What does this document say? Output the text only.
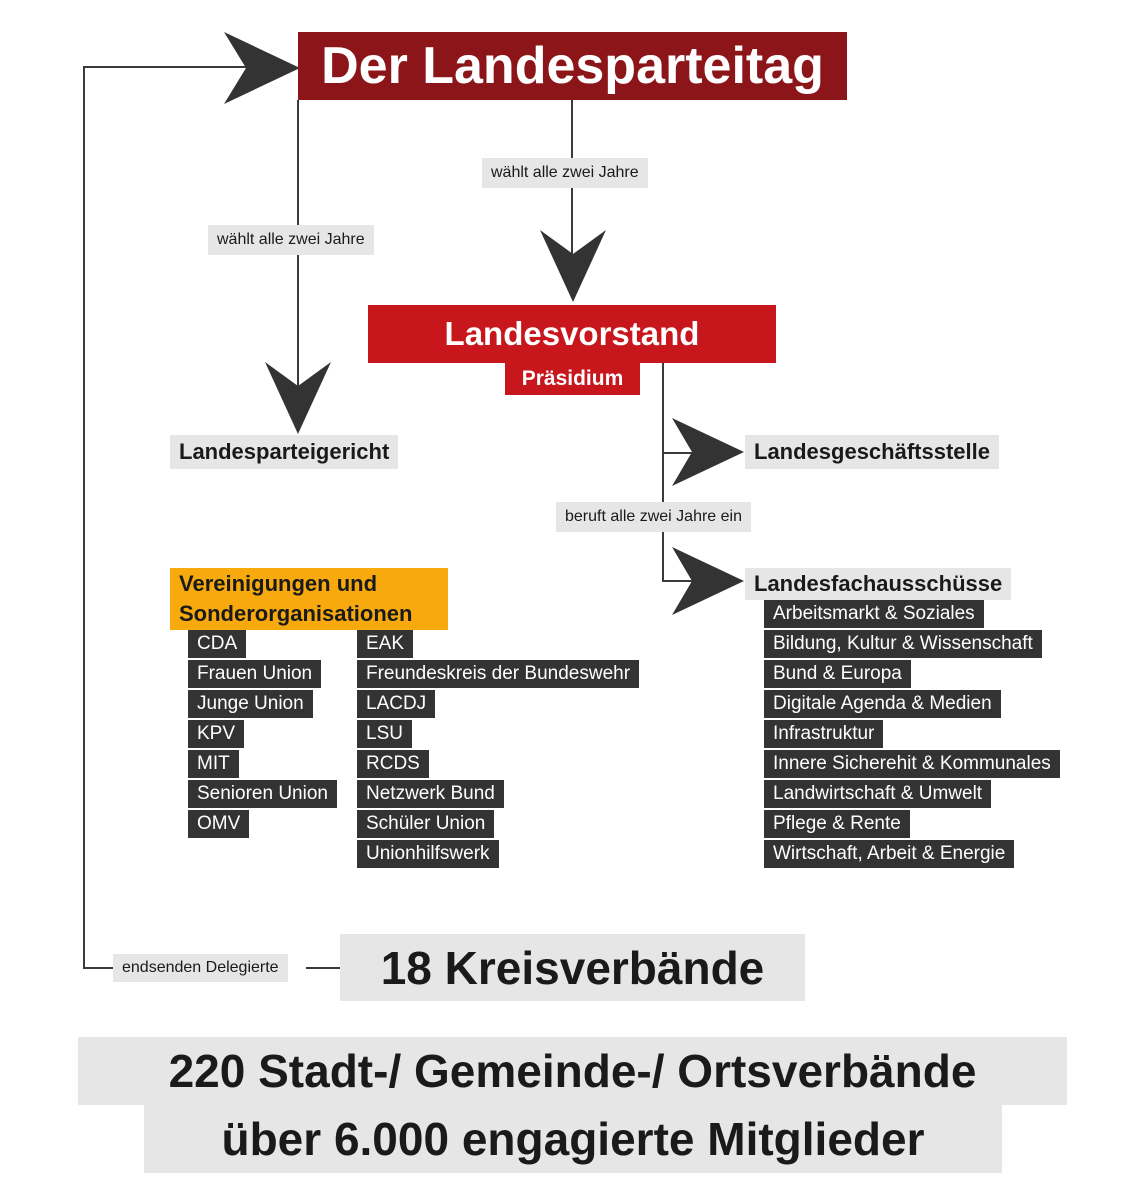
Der Landesparteitag
wählt alle zwei Jahre
wählt alle zwei Jahre
beruft alle zwei Jahre ein
endsenden Delegierte
Landesvorstand
Präsidium
Landesparteigericht	Landesgeschäftsstelle
Landesfachausschüsse
Arbeitsmarkt & Soziales
Bildung, Kultur & Wissenschaft
Bund & Europa
Digitale Agenda & Medien
Infrastruktur
Innere Sicherehit & Kommunales
Landwirtschaft & Umwelt
Pflege & Rente
Wirtschaft, Arbeit & Energie
Vereinigungen und
Sonderorganisationen
CDA
Frauen Union
Junge Union
KPV
MIT
Senioren Union
OMV
EAK
Freundeskreis der Bundeswehr
LACDJ
LSU
RCDS
Netzwerk Bund
Schüler Union
Unionhilfswerk
18 Kreisverbände
220 Stadt-/ Gemeinde-/ Ortsverbände
über 6.000 engagierte Mitglieder
